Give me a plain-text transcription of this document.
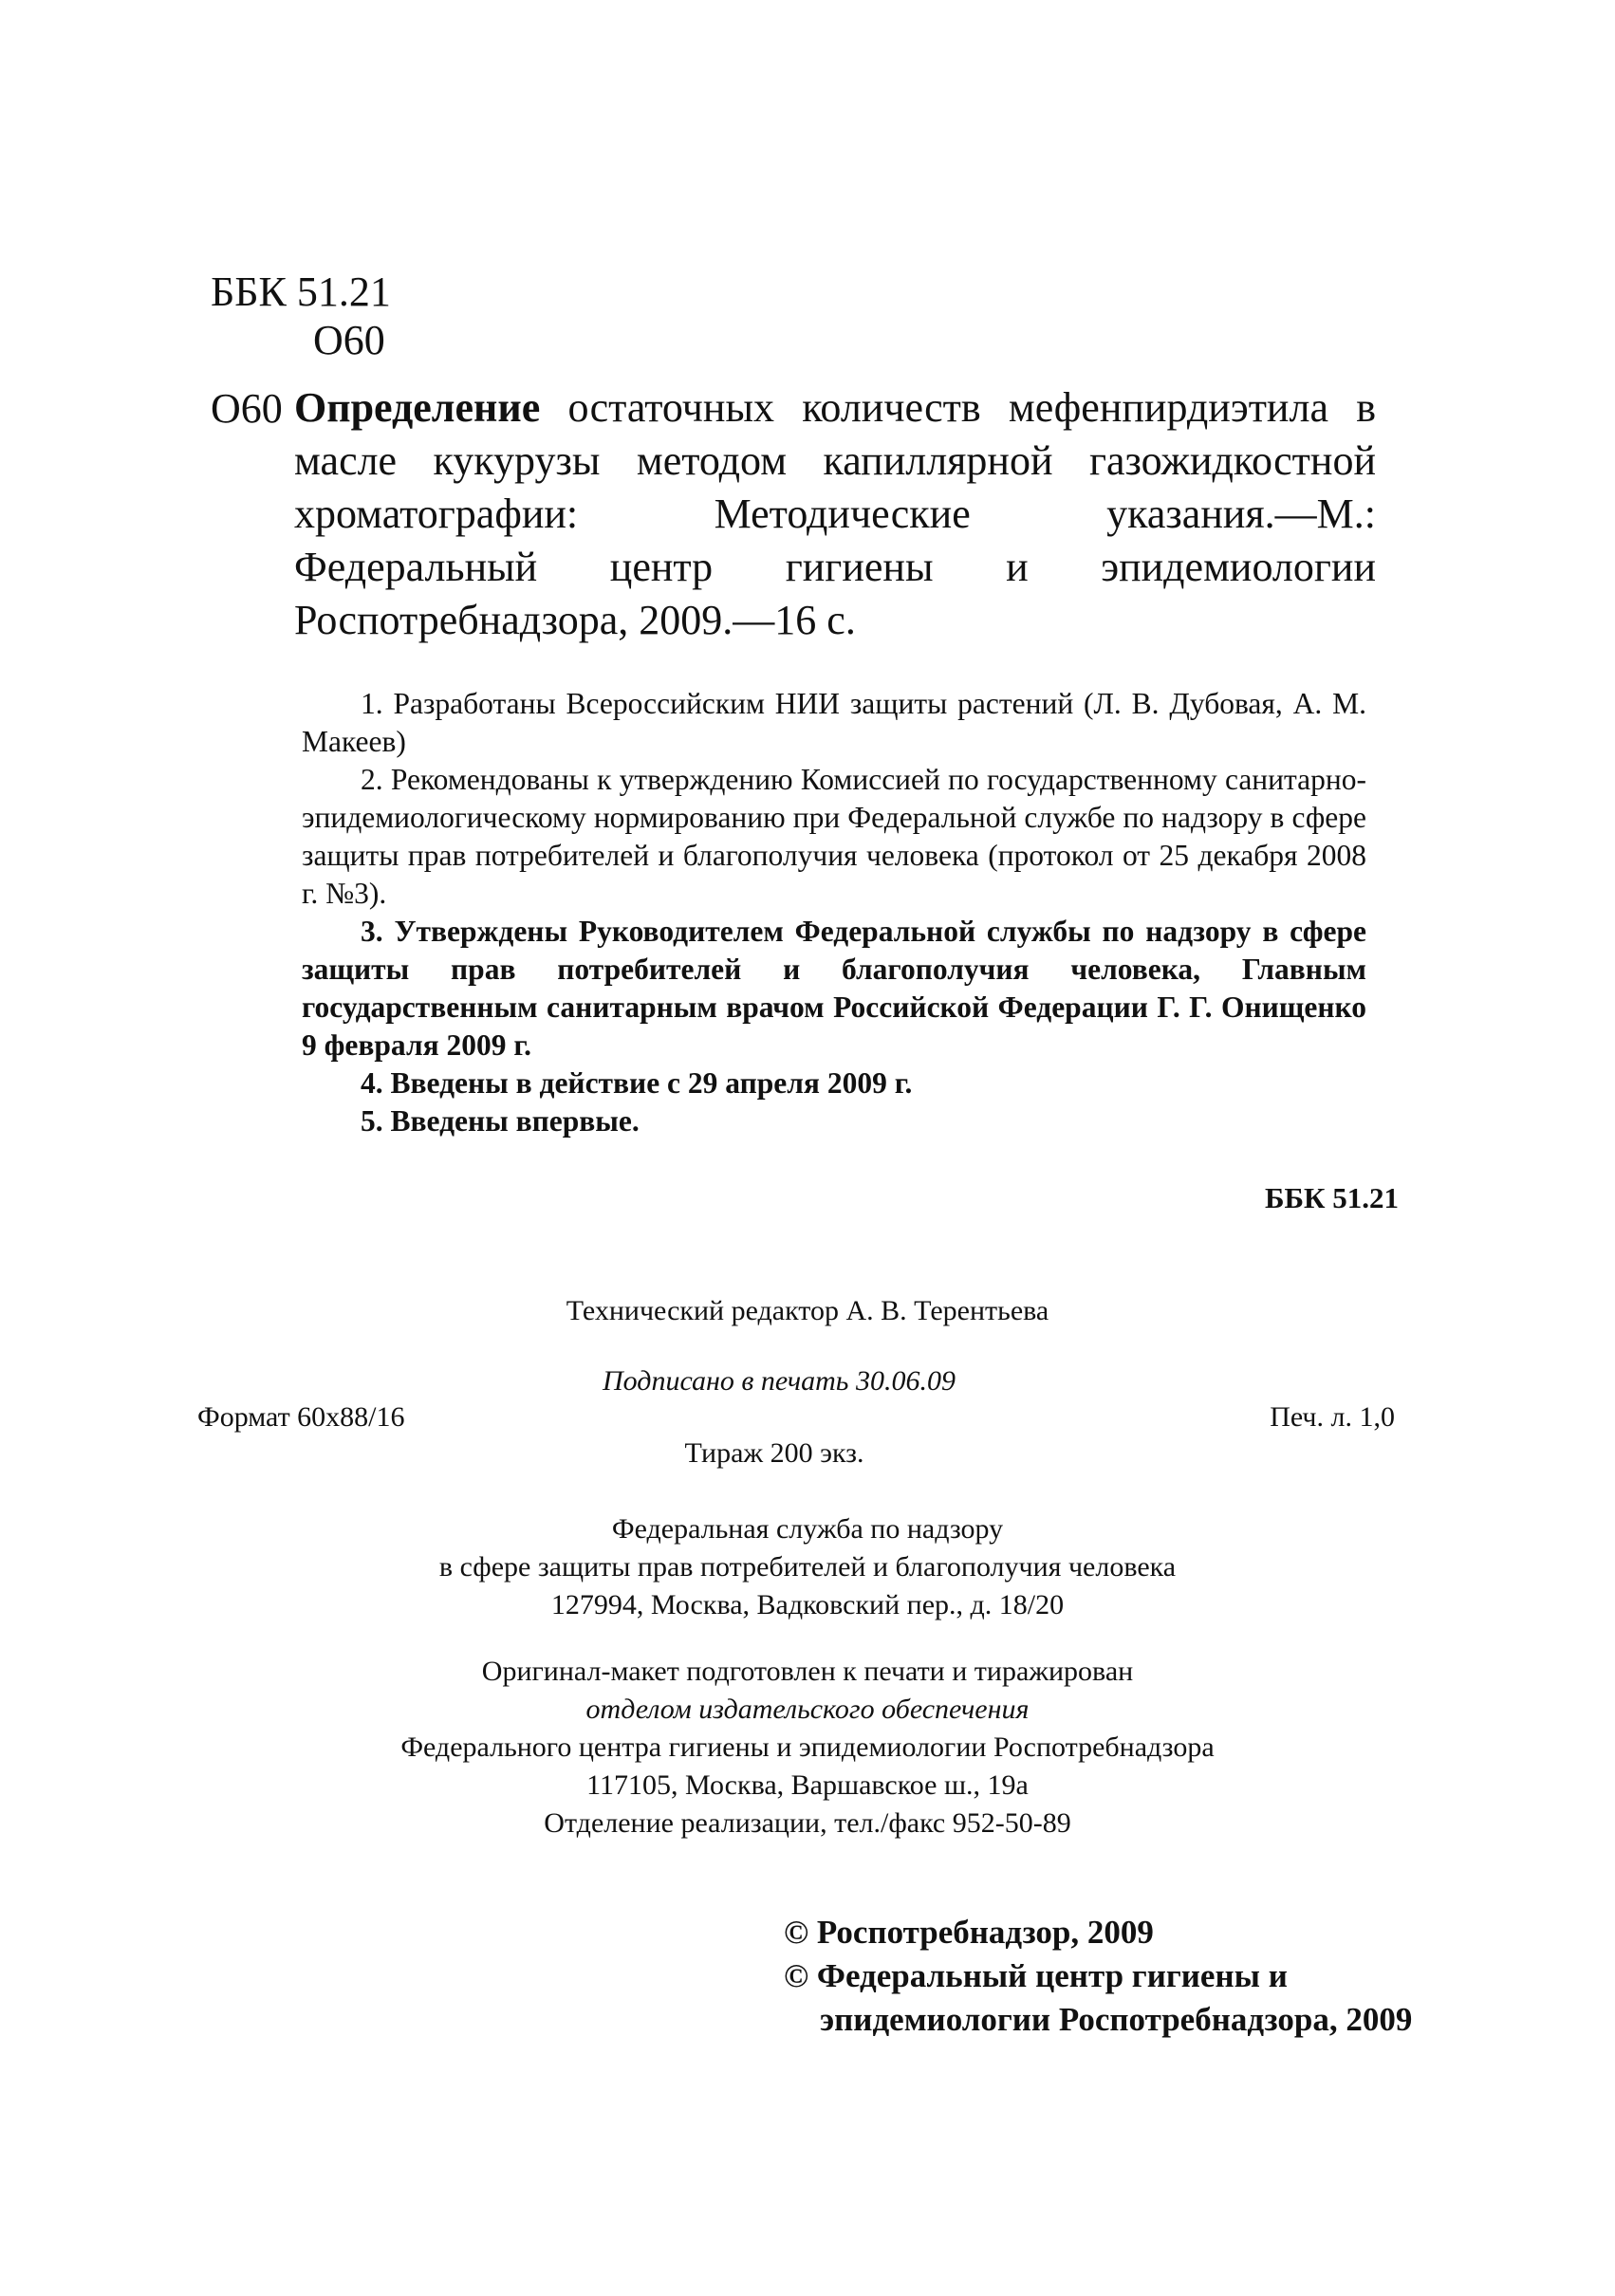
ББК 51.21
О60
О60 Определение остаточных количеств мефенпирдиэтила в масле кукурузы методом капиллярной газожидкостной хроматографии: Методические указания.—М.: Федеральный центр гигиены и эпидемиологии Роспотребнадзора, 2009.—16 с.

1. Разработаны Всероссийским НИИ защиты растений (Л. В. Дубовая, А. М. Макеев)

2. Рекомендованы к утверждению Комиссией по государственному санитарно-эпидемиологическому нормированию при Федеральной службе по надзору в сфере защиты прав потребителей и благополучия человека (протокол от 25 декабря 2008 г. №3).

3. Утверждены Руководителем Федеральной службы по надзору в сфере защиты прав потребителей и благополучия человека, Главным государственным санитарным врачом Российской Федерации Г. Г. Онищенко 9 февраля 2009 г.

4. Введены в действие с 29 апреля 2009 г.

5. Введены впервые.

ББК 51.21
Технический редактор А. В. Терентьева
Подписано в печать 30.06.09
Формат 60x88/16	Печ. л. 1,0
Тираж 200 экз.
Федеральная служба по надзору
в сфере защиты прав потребителей и благополучия человека
127994, Москва, Вадковский пер., д. 18/20
Оригинал-макет подготовлен к печати и тиражирован
отделом издательского обеспечения
Федерального центра гигиены и эпидемиологии Роспотребнадзора
117105, Москва, Варшавское ш., 19а
Отделение реализации, тел./факс 952-50-89
© Роспотребнадзор, 2009
© Федеральный центр гигиены и
эпидемиологии Роспотребнадзора, 2009
